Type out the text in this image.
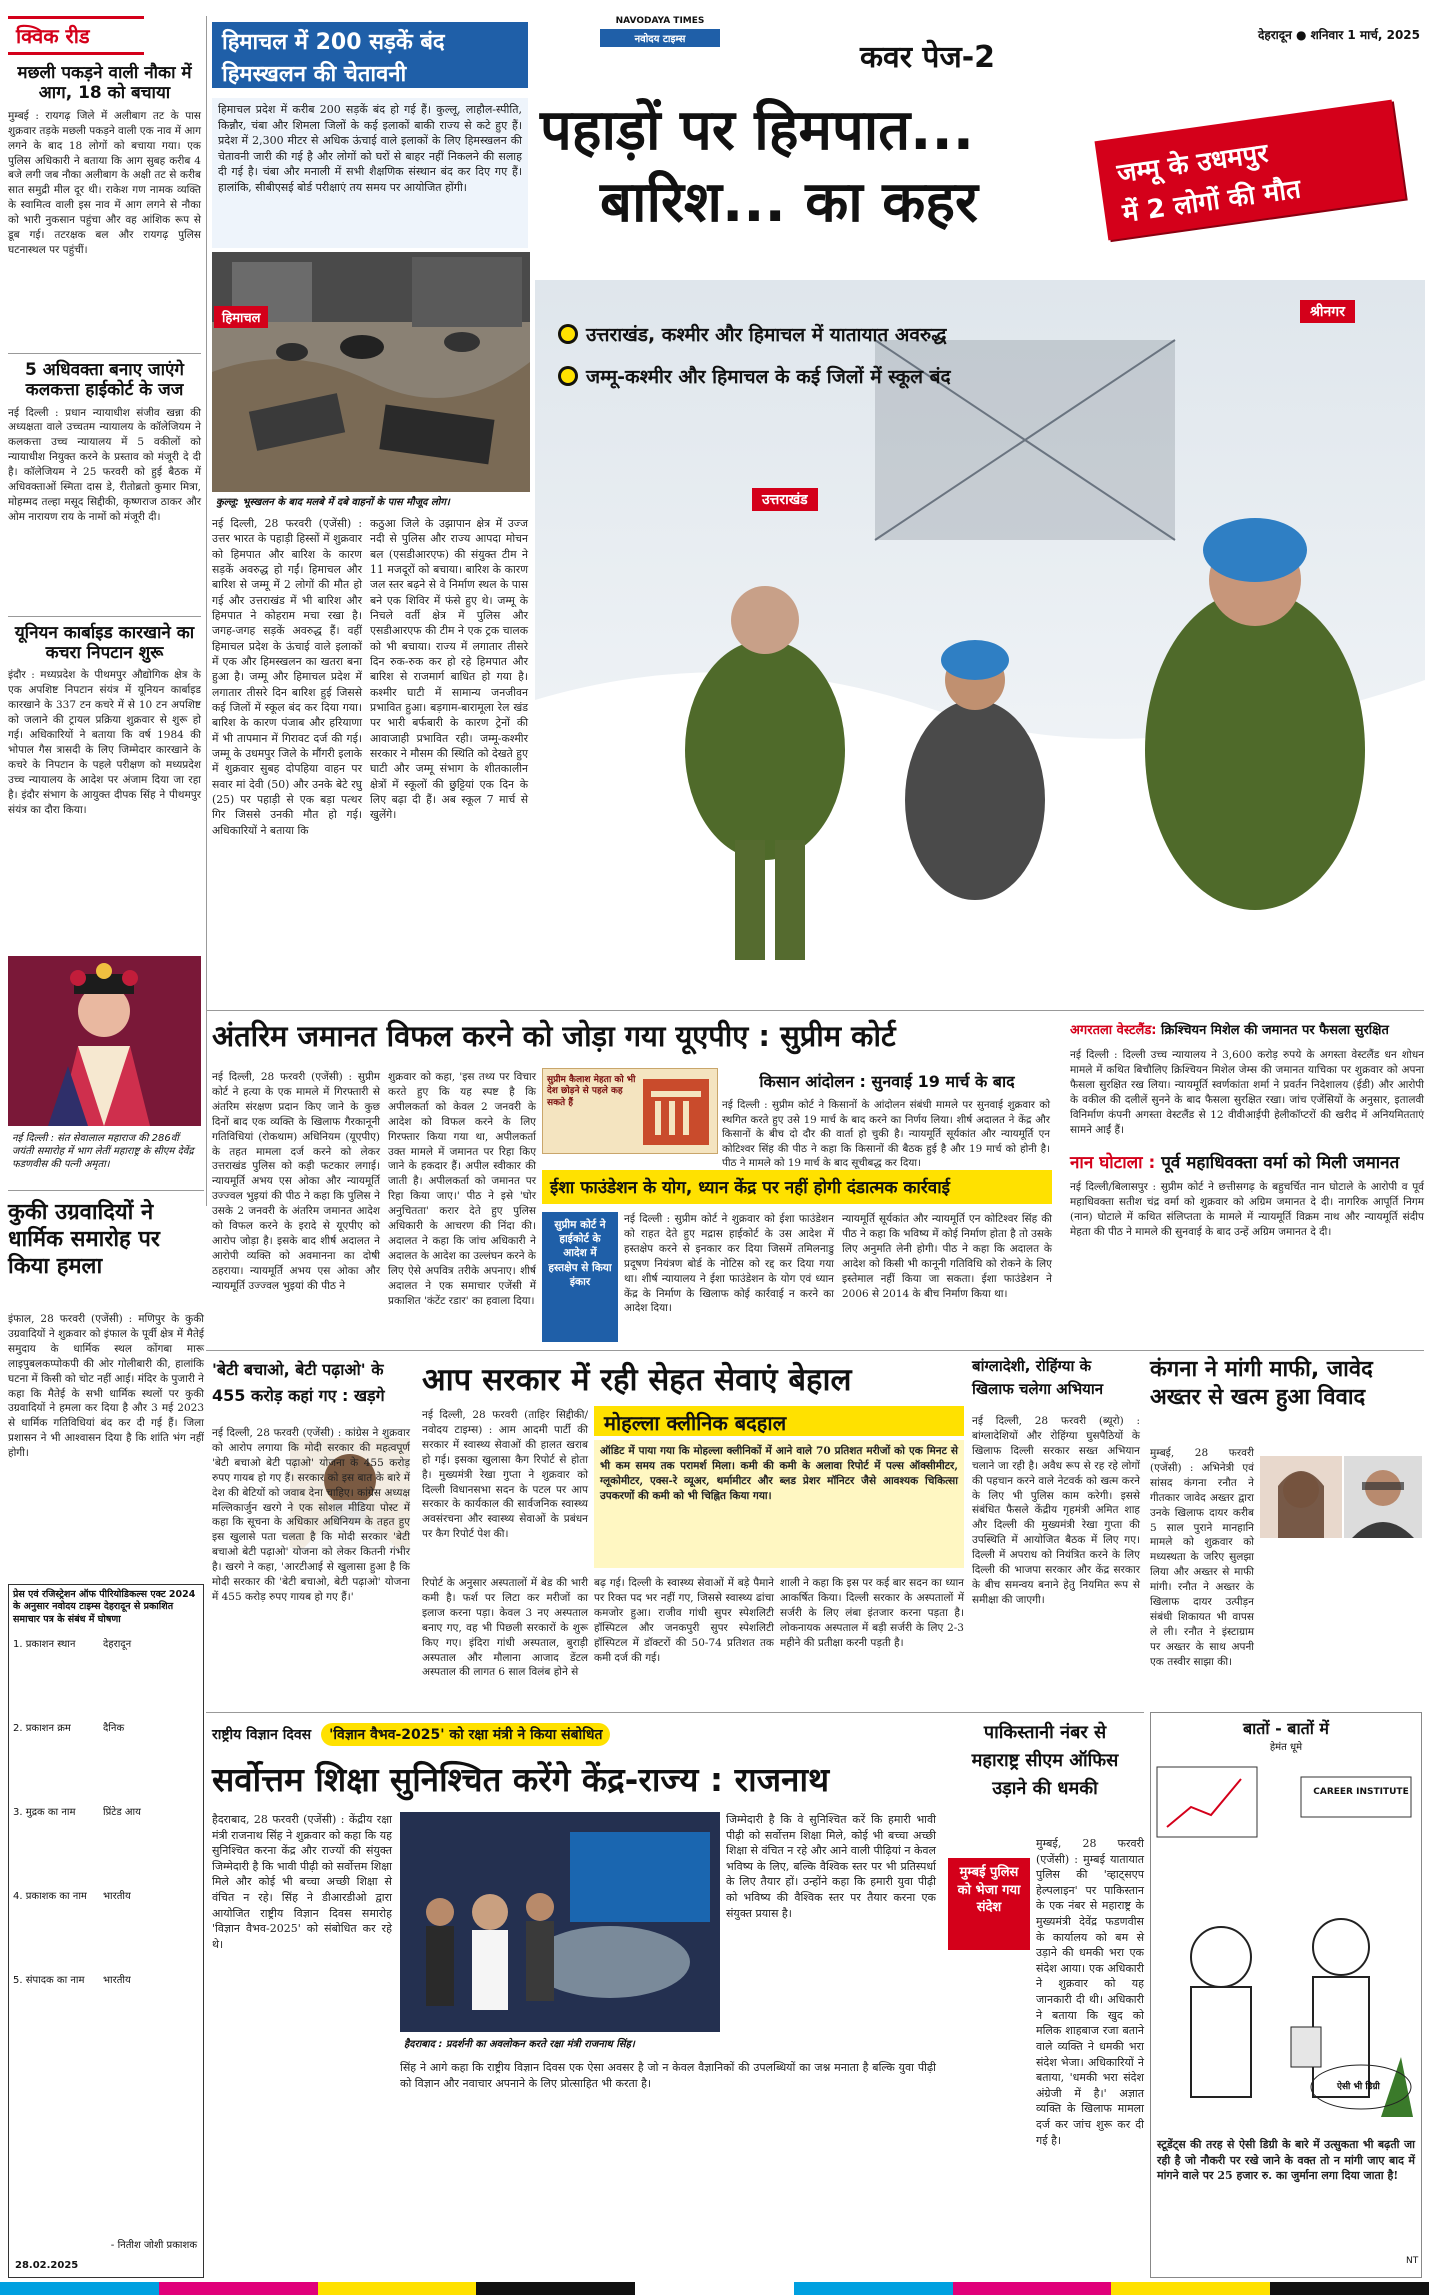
NAVODAYA TIMES
नवोदय टाइम्स
कवर पेज-2
देहरादून ● शनिवार 1 मार्च, 2025
क्विक रीड
मछली पकड़ने वाली नौका में आग, 18 को बचाया
मुम्बई : रायगढ़ जिले में अलीबाग तट के पास शुक्रवार तड़के मछली पकड़ने वाली एक नाव में आग लगने के बाद 18 लोगों को बचाया गया। एक पुलिस अधिकारी ने बताया कि आग सुबह करीब 4 बजे लगी जब नौका अलीबाग के अक्षी तट से करीब सात समुद्री मील दूर थी। राकेश गण नामक व्यक्ति के स्वामित्व वाली इस नाव में आग लगने से नौका को भारी नुकसान पहुंचा और वह आंशिक रूप से डूब गई। तटरक्षक बल और रायगढ़ पुलिस घटनास्थल पर पहुंचीं।
5 अधिवक्ता बनाए जाएंगे कलकत्ता हाईकोर्ट के जज
नई दिल्ली : प्रधान न्यायाधीश संजीव खन्ना की अध्यक्षता वाले उच्चतम न्यायालय के कॉलेजियम ने कलकत्ता उच्च न्यायालय में 5 वकीलों को न्यायाधीश नियुक्त करने के प्रस्ताव को मंजूरी दे दी है। कॉलेजियम ने 25 फरवरी को हुई बैठक में अधिवक्ताओं स्मिता दास डे, रीतोब्रतो कुमार मित्रा, मोहम्मद तल्हा मसूद सिद्दीकी, कृष्णराज ठाकर और ओम नारायण राय के नामों को मंजूरी दी।
यूनियन कार्बाइड कारखाने का कचरा निपटान शुरू
इंदौर : मध्यप्रदेश के पीथमपुर औद्योगिक क्षेत्र के एक अपशिष्ट निपटान संयंत्र में यूनियन कार्बाइड कारखाने के 337 टन कचरे में से 10 टन अपशिष्ट को जलाने की ट्रायल प्रक्रिया शुक्रवार से शुरू हो गई। अधिकारियों ने बताया कि वर्ष 1984 की भोपाल गैस त्रासदी के लिए जिम्मेदार कारखाने के कचरे के निपटान के पहले परीक्षण को मध्यप्रदेश उच्च न्यायालय के आदेश पर अंजाम दिया जा रहा है। इंदौर संभाग के आयुक्त दीपक सिंह ने पीथमपुर संयंत्र का दौरा किया।
नई दिल्ली : संत सेवालाल महाराज की 286वीं जयंती समारोह में भाग लेतीं महाराष्ट्र के सीएम देवेंद्र फडणवीस की पत्नी अमृता।
हिमाचल में 200 सड़कें बंद
हिमस्खलन की चेतावनी
हिमाचल प्रदेश में करीब 200 सड़कें बंद हो गई हैं। कुल्लू, लाहौल-स्पीति, किन्नौर, चंबा और शिमला जिलों के कई इलाकों बाकी राज्य से कटे हुए हैं। प्रदेश में 2,300 मीटर से अधिक ऊंचाई वाले इलाकों के लिए हिमस्खलन की चेतावनी जारी की गई है और लोगों को घरों से बाहर नहीं निकलने की सलाह दी गई है। चंबा और मनाली में सभी शैक्षणिक संस्थान बंद कर दिए गए हैं। हालांकि, सीबीएसई बोर्ड परीक्षाएं तय समय पर आयोजित होंगी।
हिमाचल
कुल्लू: भूस्खलन के बाद मलबे में दबे वाहनों के पास मौजूद लोग।
पहाड़ों पर हिमपात...
बारिश... का कहर
जम्मू के उधमपुर
में 2 लोगों की मौत
उत्तराखंड, कश्मीर और हिमाचल में यातायात अवरुद्ध
जम्मू-कश्मीर और हिमाचल के कई जिलों में स्कूल बंद
श्रीनगर
उत्तराखंड
नई दिल्ली, 28 फरवरी (एजेंसी) : उत्तर भारत के पहाड़ी हिस्सों में शुक्रवार को हिमपात और बारिश के कारण सड़कें अवरुद्ध हो गईं। हिमाचल और बारिश से जम्मू में 2 लोगों की मौत हो गई और उत्तराखंड में भी बारिश और हिमपात ने कोहराम मचा रखा है। जगह-जगह सड़कें अवरुद्ध हैं। वहीं हिमाचल प्रदेश के ऊंचाई वाले इलाकों में एक और हिमस्खलन का खतरा बना हुआ है। जम्मू और हिमाचल प्रदेश में लगातार तीसरे दिन बारिश हुई जिससे कई जिलों में स्कूल बंद कर दिया गया। बारिश के कारण पंजाब और हरियाणा में भी तापमान में गिरावट दर्ज की गई। जम्मू के उधमपुर जिले के मौंगरी इलाके में शुक्रवार सुबह दोपहिया वाहन पर सवार मां देवी (50) और उनके बेटे रघु (25) पर पहाड़ी से एक बड़ा पत्थर गिर जिससे उनकी मौत हो गई। अधिकारियों ने बताया कि
कठुआ जिले के उझापान क्षेत्र में उज्ज नदी से पुलिस और राज्य आपदा मोचन बल (एसडीआरएफ) की संयुक्त टीम ने 11 मजदूरों को बचाया। बारिश के कारण जल स्तर बढ़ने से वे निर्माण स्थल के पास बने एक शिविर में फंसे हुए थे। जम्मू के निचले वर्ती क्षेत्र में पुलिस और एसडीआरएफ की टीम ने एक ट्रक चालक को भी बचाया। राज्य में लगातार तीसरे दिन रुक-रुक कर हो रहे हिमपात और बारिश से राजमार्ग बाधित हो गया है। कश्मीर घाटी में सामान्य जनजीवन प्रभावित हुआ। बड़गाम-बारामूला रेल खंड पर भारी बर्फबारी के कारण ट्रेनों की आवाजाही प्रभावित रही। जम्मू-कश्मीर सरकार ने मौसम की स्थिति को देखते हुए घाटी और जम्मू संभाग के शीतकालीन क्षेत्रों में स्कूलों की छुट्टियां एक दिन के लिए बढ़ा दी हैं। अब स्कूल 7 मार्च से खुलेंगे।
अंतरिम जमानत विफल करने को जोड़ा गया यूएपीए : सुप्रीम कोर्ट
नई दिल्ली, 28 फरवरी (एजेंसी) : सुप्रीम कोर्ट ने हत्या के एक मामले में गिरफ्तारी से अंतरिम संरक्षण प्रदान किए जाने के कुछ दिनों बाद एक व्यक्ति के खिलाफ गैरकानूनी गतिविधियां (रोकथाम) अधिनियम (यूएपीए) के तहत मामला दर्ज करने को लेकर उत्तराखंड पुलिस को कड़ी फटकार लगाई। न्यायमूर्ति अभय एस ओका और न्यायमूर्ति उज्ज्वल भुइयां की पीठ ने कहा कि पुलिस ने उसके 2 जनवरी के अंतरिम जमानत आदेश को विफल करने के इरादे से यूएपीए को आरोप जोड़ा है। इसके बाद शीर्ष अदालत ने आरोपी व्यक्ति को अवमानना का दोषी ठहराया। न्यायमूर्ति अभय एस ओका और न्यायमूर्ति उज्ज्वल भुइयां की पीठ ने
शुक्रवार को कहा, 'इस तथ्य पर विचार करते हुए कि यह स्पष्ट है कि अपीलकर्ता को केवल 2 जनवरी के आदेश को विफल करने के लिए गिरफ्तार किया गया था, अपीलकर्ता उक्त मामले में जमानत पर रिहा किए जाने के हकदार हैं। अपील स्वीकार की जाती है। अपीलकर्ता को जमानत पर रिहा किया जाए।' पीठ ने इसे 'घोर अनुचितता' करार देते हुए पुलिस अधिकारी के आचरण की निंदा की। अदालत ने कहा कि जांच अधिकारी ने अदालत के आदेश का उल्लंघन करने के लिए ऐसे अपवित्र तरीके अपनाए। शीर्ष अदालत ने एक समाचार एजेंसी में प्रकाशित 'कंटेंट रडार' का हवाला दिया।
सुप्रीम कैलाश मेहता को भी देश छोड़ने से पहले कह सकते हैं
किसान आंदोलन : सुनवाई 19 मार्च के बाद
नई दिल्ली : सुप्रीम कोर्ट ने किसानों के आंदोलन संबंधी मामले पर सुनवाई शुक्रवार को स्थगित करते हुए उसे 19 मार्च के बाद करने का निर्णय लिया। शीर्ष अदालत ने केंद्र और किसानों के बीच दो दौर की वार्ता हो चुकी है। न्यायमूर्ति सूर्यकांत और न्यायमूर्ति एन कोटिश्वर सिंह की पीठ ने कहा कि किसानों की बैठक हुई है और 19 मार्च को होनी है। पीठ ने मामले को 19 मार्च के बाद सूचीबद्ध कर दिया।
ईशा फाउंडेशन के योग, ध्यान केंद्र पर नहीं होगी दंडात्मक कार्रवाई
सुप्रीम कोर्ट ने हाईकोर्ट के आदेश में हस्तक्षेप से किया इंकार
नई दिल्ली : सुप्रीम कोर्ट ने शुक्रवार को ईशा फाउंडेशन को राहत देते हुए मद्रास हाईकोर्ट के उस आदेश में हस्तक्षेप करने से इनकार कर दिया जिसमें तमिलनाडु प्रदूषण नियंत्रण बोर्ड के नोटिस को रद्द कर दिया गया था। शीर्ष न्यायालय ने ईशा फाउंडेशन के योग एवं ध्यान केंद्र के निर्माण के खिलाफ कोई कार्रवाई न करने का आदेश दिया।
न्यायमूर्ति सूर्यकांत और न्यायमूर्ति एन कोटिश्वर सिंह की पीठ ने कहा कि भविष्य में कोई निर्माण होता है तो उसके लिए अनुमति लेनी होगी। पीठ ने कहा कि अदालत के आदेश को किसी भी कानूनी गतिविधि को रोकने के लिए इस्तेमाल नहीं किया जा सकता। ईशा फाउंडेशन ने 2006 से 2014 के बीच निर्माण किया था।
अगरतला वेस्टलैंड: क्रिश्चियन मिशेल की जमानत पर फैसला सुरक्षित
नई दिल्ली : दिल्ली उच्च न्यायालय ने 3,600 करोड़ रुपये के अगस्ता वेस्टलैंड धन शोधन मामले में कथित बिचौलिए क्रिश्चियन मिशेल जेम्स की जमानत याचिका पर शुक्रवार को अपना फैसला सुरक्षित रख लिया। न्यायमूर्ति स्वर्णकांता शर्मा ने प्रवर्तन निदेशालय (ईडी) और आरोपी के वकील की दलीलें सुनने के बाद फैसला सुरक्षित रखा। जांच एजेंसियों के अनुसार, इतालवी विनिर्माण कंपनी अगस्ता वेस्टलैंड से 12 वीवीआईपी हेलीकॉप्टरों की खरीद में अनियमितताएं सामने आईं हैं।
नान घोटाला : पूर्व महाधिवक्ता वर्मा को मिली जमानत
नई दिल्ली/बिलासपुर : सुप्रीम कोर्ट ने छत्तीसगढ़ के बहुचर्चित नान घोटाले के आरोपी व पूर्व महाधिवक्ता सतीश चंद्र वर्मा को शुक्रवार को अग्रिम जमानत दे दी। नागरिक आपूर्ति निगम (नान) घोटाले में कथित संलिप्तता के मामले में न्यायमूर्ति विक्रम नाथ और न्यायमूर्ति संदीप मेहता की पीठ ने मामले की सुनवाई के बाद उन्हें अग्रिम जमानत दे दी।
कुकी उग्रवादियों ने धार्मिक समारोह पर किया हमला
इंफाल, 28 फरवरी (एजेंसी) : मणिपुर के कुकी उग्रवादियों ने शुक्रवार को इंफाल के पूर्वी क्षेत्र में मैतेई समुदाय के धार्मिक स्थल कोंगबा मारू लाइपुबलकप्पोकपी की ओर गोलीबारी की, हालांकि घटना में किसी को चोट नहीं आई। मंदिर के पुजारी ने कहा कि मैतेई के सभी धार्मिक स्थलों पर कुकी उग्रवादियों ने हमला कर दिया है और 3 मई 2023 से धार्मिक गतिविधियां बंद कर दी गई हैं। जिला प्रशासन ने भी आश्वासन दिया है कि शांति भंग नहीं होगी।
'बेटी बचाओ, बेटी पढ़ाओ' के
455 करोड़ कहां गए : खड़गे
नई दिल्ली, 28 फरवरी (एजेंसी) : कांग्रेस ने शुक्रवार को आरोप लगाया कि मोदी सरकार की महत्वपूर्ण 'बेटी बचाओ बेटी पढ़ाओ' योजना के 455 करोड़ रुपए गायब हो गए हैं। सरकार को इस बात के बारे में देश की बेटियों को जवाब देना चाहिए। कांग्रेस अध्यक्ष मल्लिकार्जुन खरगे ने एक सोशल मीडिया पोस्ट में कहा कि सूचना के अधिकार अधिनियम के तहत हुए इस खुलासे पता चलता है कि मोदी सरकार 'बेटी बचाओ बेटी पढ़ाओ' योजना को लेकर कितनी गंभीर है। खरगे ने कहा, 'आरटीआई से खुलासा हुआ है कि मोदी सरकार की 'बेटी बचाओ, बेटी पढ़ाओ' योजना में 455 करोड़ रुपए गायब हो गए हैं।'
आप सरकार में रही सेहत सेवाएं बेहाल
मोहल्ला क्लीनिक बदहाल
नई दिल्ली, 28 फरवरी (ताहिर सिद्दीकी/नवोदय टाइम्स) : आम आदमी पार्टी की सरकार में स्वास्थ्य सेवाओं की हालत खराब हो गई। इसका खुलासा कैग रिपोर्ट से होता है। मुख्यमंत्री रेखा गुप्ता ने शुक्रवार को दिल्ली विधानसभा सदन के पटल पर आप सरकार के कार्यकाल की सार्वजनिक स्वास्थ्य अवसंरचना और स्वास्थ्य सेवाओं के प्रबंधन पर कैग रिपोर्ट पेश की।
ऑडिट में पाया गया कि मोहल्ला क्लीनिकों में आने वाले 70 प्रतिशत मरीजों को एक मिनट से भी कम समय तक परामर्श मिला। कमी की कमी के अलावा रिपोर्ट में पल्स ऑक्सीमीटर, ग्लूकोमीटर, एक्स-रे व्यूअर, थर्मामीटर और ब्लड प्रेशर मॉनिटर जैसे आवश्यक चिकित्सा उपकरणों की कमी को भी चिह्नित किया गया।
रिपोर्ट के अनुसार अस्पतालों में बेड की भारी कमी है। फर्श पर लिटा कर मरीजों का इलाज करना पड़ा। केवल 3 नए अस्पताल बनाए गए, वह भी पिछली सरकारों के शुरू किए गए। इंदिरा गांधी अस्पताल, बुराड़ी अस्पताल और मौलाना आजाद डेंटल अस्पताल की लागत 6 साल विलंब होने से
बढ़ गई। दिल्ली के स्वास्थ्य सेवाओं में बड़े पैमाने पर रिक्त पद भर नहीं गए, जिससे स्वास्थ्य ढांचा कमजोर हुआ। राजीव गांधी सुपर स्पेशलिटी हॉस्पिटल और जनकपुरी सुपर स्पेशलिटी हॉस्पिटल में डॉक्टरों की 50-74 प्रतिशत तक कमी दर्ज की गई।
शाली ने कहा कि इस पर कई बार सदन का ध्यान आकर्षित किया। दिल्ली सरकार के अस्पतालों में सर्जरी के लिए लंबा इंतजार करना पड़ता है। लोकनायक अस्पताल में बड़ी सर्जरी के लिए 2-3 महीने की प्रतीक्षा करनी पड़ती है।
बांग्लादेशी, रोहिंग्या के
खिलाफ चलेगा अभियान
नई दिल्ली, 28 फरवरी (ब्यूरो) : बांग्लादेशियों और रोहिंग्या घुसपैठियों के खिलाफ दिल्ली सरकार सख्त अभियान चलाने जा रही है। अवैध रूप से रह रहे लोगों की पहचान करने वाले नेटवर्क को खत्म करने के लिए भी पुलिस काम करेगी। इससे संबंधित फैसले केंद्रीय गृहमंत्री अमित शाह और दिल्ली की मुख्यमंत्री रेखा गुप्ता की उपस्थिति में आयोजित बैठक में लिए गए। दिल्ली में अपराध को नियंत्रित करने के लिए दिल्ली की भाजपा सरकार और केंद्र सरकार के बीच समन्वय बनाने हेतु नियमित रूप से समीक्षा की जाएगी।
कंगना ने मांगी माफी, जावेद अख्तर से खत्म हुआ विवाद
मुम्बई, 28 फरवरी (एजेंसी) : अभिनेत्री एवं सांसद कंगना रनौत ने गीतकार जावेद अख्तर द्वारा उनके खिलाफ दायर करीब 5 साल पुराने मानहानि मामले को शुक्रवार को मध्यस्थता के जरिए सुलझा लिया और अख्तर से माफी मांगी। रनौत ने अख्तर के खिलाफ दायर उत्पीड़न संबंधी शिकायत भी वापस ले ली। रनौत ने इंस्टाग्राम पर अख्तर के साथ अपनी एक तस्वीर साझा की।
बातों - बातों में
हेमंत धूमे
CAREER INSTITUTE
ऐसी भी डिग्री
स्टूडेंट्स की तरह से ऐसी डिग्री के बारे में उत्सुकता भी बढ़ती जा रही है जो नौकरी पर रखे जाने के वक्त तो न मांगी जाए बाद में मांगने वाले पर 25 हजार रु. का जुर्माना लगा दिया जाता है!
प्रेस एवं रजिस्ट्रेशन ऑफ पीरियोडिकल्स एक्ट 2024 के अनुसार नवोदय टाइम्स देहरादून से प्रकाशित समाचार पत्र के संबंध में घोषणा
1. प्रकाशन स्थान	देहरादून
2. प्रकाशन क्रम	दैनिक
3. मुद्रक का नाम	प्रिंटेड आय
4. प्रकाशक का नाम	भारतीय
5. संपादक का नाम	भारतीय
- नितीश जोशी प्रकाशक
28.02.2025
राष्ट्रीय विज्ञान दिवस	'विज्ञान वैभव-2025' को रक्षा मंत्री ने किया संबोधित
सर्वोत्तम शिक्षा सुनिश्चित करेंगे केंद्र-राज्य : राजनाथ
हैदराबाद : प्रदर्शनी का अवलोकन करते रक्षा मंत्री राजनाथ सिंह।
हैदराबाद, 28 फरवरी (एजेंसी) : केंद्रीय रक्षा मंत्री राजनाथ सिंह ने शुक्रवार को कहा कि यह सुनिश्चित करना केंद्र और राज्यों की संयुक्त जिम्मेदारी है कि भावी पीढ़ी को सर्वोत्तम शिक्षा मिले और कोई भी बच्चा अच्छी शिक्षा से वंचित न रहे। सिंह ने डीआरडीओ द्वारा आयोजित राष्ट्रीय विज्ञान दिवस समारोह 'विज्ञान वैभव-2025' को संबोधित कर रहे थे।
जिम्मेदारी है कि वे सुनिश्चित करें कि हमारी भावी पीढ़ी को सर्वोत्तम शिक्षा मिले, कोई भी बच्चा अच्छी शिक्षा से वंचित न रहे और आने वाली पीढ़ियां न केवल भविष्य के लिए, बल्कि वैश्विक स्तर पर भी प्रतिस्पर्धा के लिए तैयार हों। उन्होंने कहा कि हमारी युवा पीढ़ी को भविष्य की वैश्विक स्तर पर तैयार करना एक संयुक्त प्रयास है।
सिंह ने आगे कहा कि राष्ट्रीय विज्ञान दिवस एक ऐसा अवसर है जो न केवल वैज्ञानिकों की उपलब्धियों का जश्न मनाता है बल्कि युवा पीढ़ी को विज्ञान और नवाचार अपनाने के लिए प्रोत्साहित भी करता है।
पाकिस्तानी नंबर से
महाराष्ट्र सीएम ऑफिस
उड़ाने की धमकी
मुम्बई पुलिस को भेजा गया संदेश
मुम्बई, 28 फरवरी (एजेंसी) : मुम्बई यातायात पुलिस की 'व्हाट्सएप हेल्पलाइन' पर पाकिस्तान के एक नंबर से महाराष्ट्र के मुख्यमंत्री देवेंद्र फडणवीस के कार्यालय को बम से उड़ाने की धमकी भरा एक संदेश आया। एक अधिकारी ने शुक्रवार को यह जानकारी दी थी। अधिकारी ने बताया कि खुद को मलिक शाहबाज रजा बताने वाले व्यक्ति ने धमकी भरा संदेश भेजा। अधिकारियों ने बताया, 'धमकी भरा संदेश अंग्रेजी में है।' अज्ञात व्यक्ति के खिलाफ मामला दर्ज कर जांच शुरू कर दी गई है।
NT
